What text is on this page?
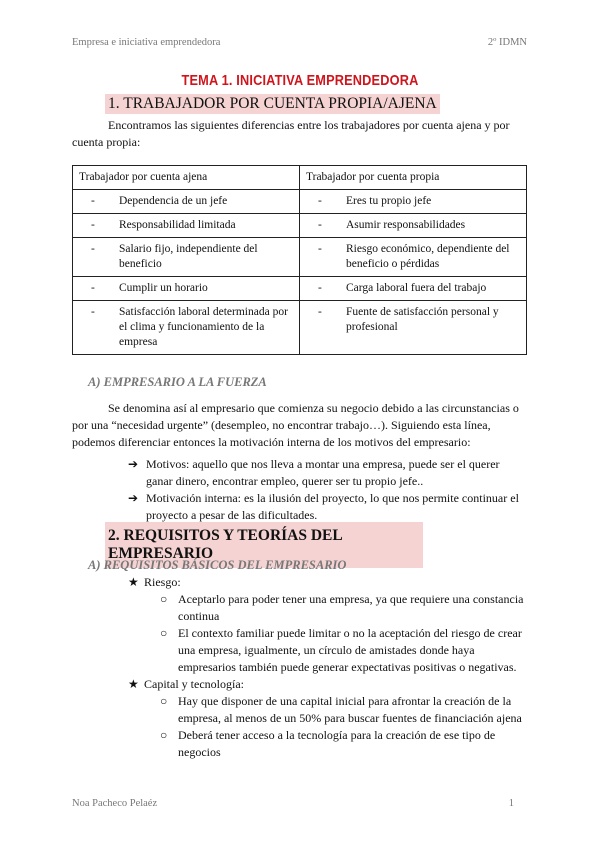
Empresa e iniciativa emprendedora	2º IDMN
TEMA 1. INICIATIVA EMPRENDEDORA
1. TRABAJADOR POR CUENTA PROPIA/AJENA
Encontramos las siguientes diferencias entre los trabajadores por cuenta ajena y por cuenta propia:
Trabajador por cuenta ajena	Trabajador por cuenta propia

- Dependencia de un jefe	- Eres tu propio jefe

- Responsabilidad limitada	- Asumir responsabilidades

- Salario fijo, independiente del beneficio	- Riesgo económico, dependiente del beneficio o pérdidas

- Cumplir un horario	- Carga laboral fuera del trabajo

- Satisfacción laboral determinada por el clima y funcionamiento de la empresa	- Fuente de satisfacción personal y profesional
A) EMPRESARIO A LA FUERZA
Se denomina así al empresario que comienza su negocio debido a las circunstancias o por una “necesidad urgente” (desempleo, no encontrar trabajo…). Siguiendo esta línea, podemos diferenciar entonces la motivación interna de los motivos del empresario:
➔ Motivos: aquello que nos lleva a montar una empresa, puede ser el querer ganar dinero, encontrar empleo, querer ser tu propio jefe..
➔ Motivación interna: es la ilusión del proyecto, lo que nos permite continuar el proyecto a pesar de las dificultades.
2. REQUISITOS Y TEORÍAS DEL EMPRESARIO
A) REQUISITOS BÁSICOS DEL EMPRESARIO
★ Riesgo:
○ Aceptarlo para poder tener una empresa, ya que requiere una constancia continua
○ El contexto familiar puede limitar o no la aceptación del riesgo de crear una empresa, igualmente, un círculo de amistades donde haya empresarios también puede generar expectativas positivas o negativas.
★ Capital y tecnología:
○ Hay que disponer de una capital inicial para afrontar la creación de la empresa, al menos de un 50% para buscar fuentes de financiación ajena
○ Deberá tener acceso a la tecnología para la creación de ese tipo de negocios
Noa Pacheco Pelaéz	1
